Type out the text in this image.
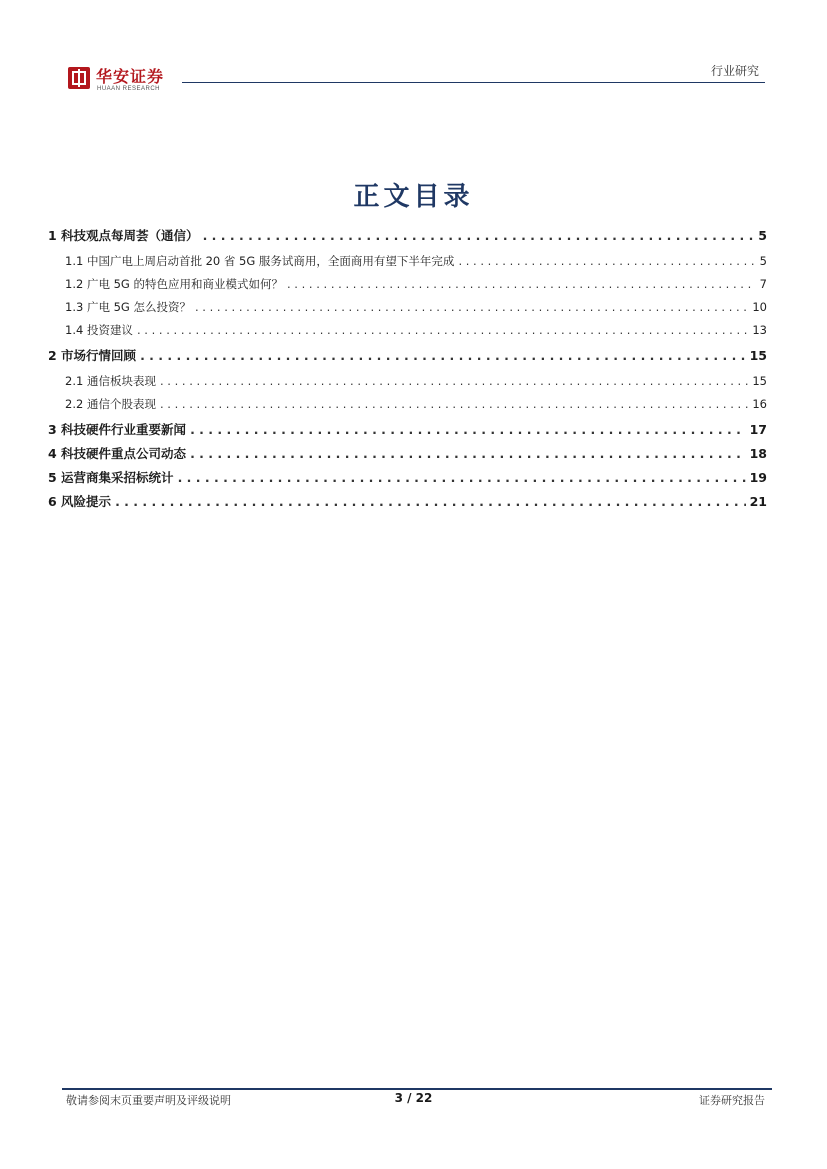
华安证券
HUAAN RESEARCH
行业研究
正文目录
1 科技观点每周荟（通信） . . .	5
1.1 中国广电上周启动首批 20 省 5G 服务试商用，全面商用有望下半年完成 . . .	5
1.2 广电 5G 的特色应用和商业模式如何？ . . .	7
1.3 广电 5G 怎么投资？ . . .	10
1.4 投资建议 . . .	13
2 市场行情回顾 . . .	15
2.1 通信板块表现 . . .	15
2.2 通信个股表现 . . .	16
3 科技硬件行业重要新闻 . . .	17
4 科技硬件重点公司动态 . . .	18
5 运营商集采招标统计 . . .	19
6 风险提示 . . .	21
敬请参阅末页重要声明及评级说明	3 / 22	证券研究报告
